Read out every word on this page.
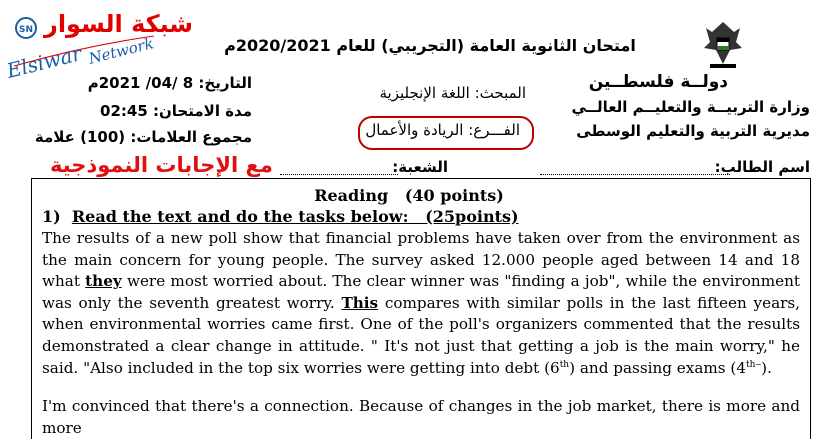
SN شبكة السوار
Elsiwar Network	امتحان الثانوية العامة (التجريبي) للعام 2020/2021م
دولــة فلسطــين
وزارة التربيــة والتعليــم العالــي
مديرية التربية والتعليم الوسطى
المبحث: اللغة الإنجليزية
الفـــرع: الريادة والأعمال
التاريخ: 8 /04/ 2021م
مدة الامتحان: 02:45
مجموع العلامات: (100) علامة
اسم الطالب:
الشعبة:
مع الإجابات النموذجية
Reading   (40 points)
1) Read the text and do the tasks below:   (25points)
The results of a new poll show that financial problems have taken over from the environment as the main concern for young people. The survey asked 12.000 people aged between 14 and 18 what they were most worried about. The clear winner was "finding a job", while the environment was only the seventh greatest worry. This compares with similar polls in the last fifteen years, when environmental worries came first. One of the poll's organizers commented that the results demonstrated a clear change in attitude. " It's not just that getting a job is the main worry," he said. "Also included in the top six worries were getting into debt (6th) and passing exams $(4^{th‒})$.
I'm convinced that there's a connection. Because of changes in the job market, there is more and more
